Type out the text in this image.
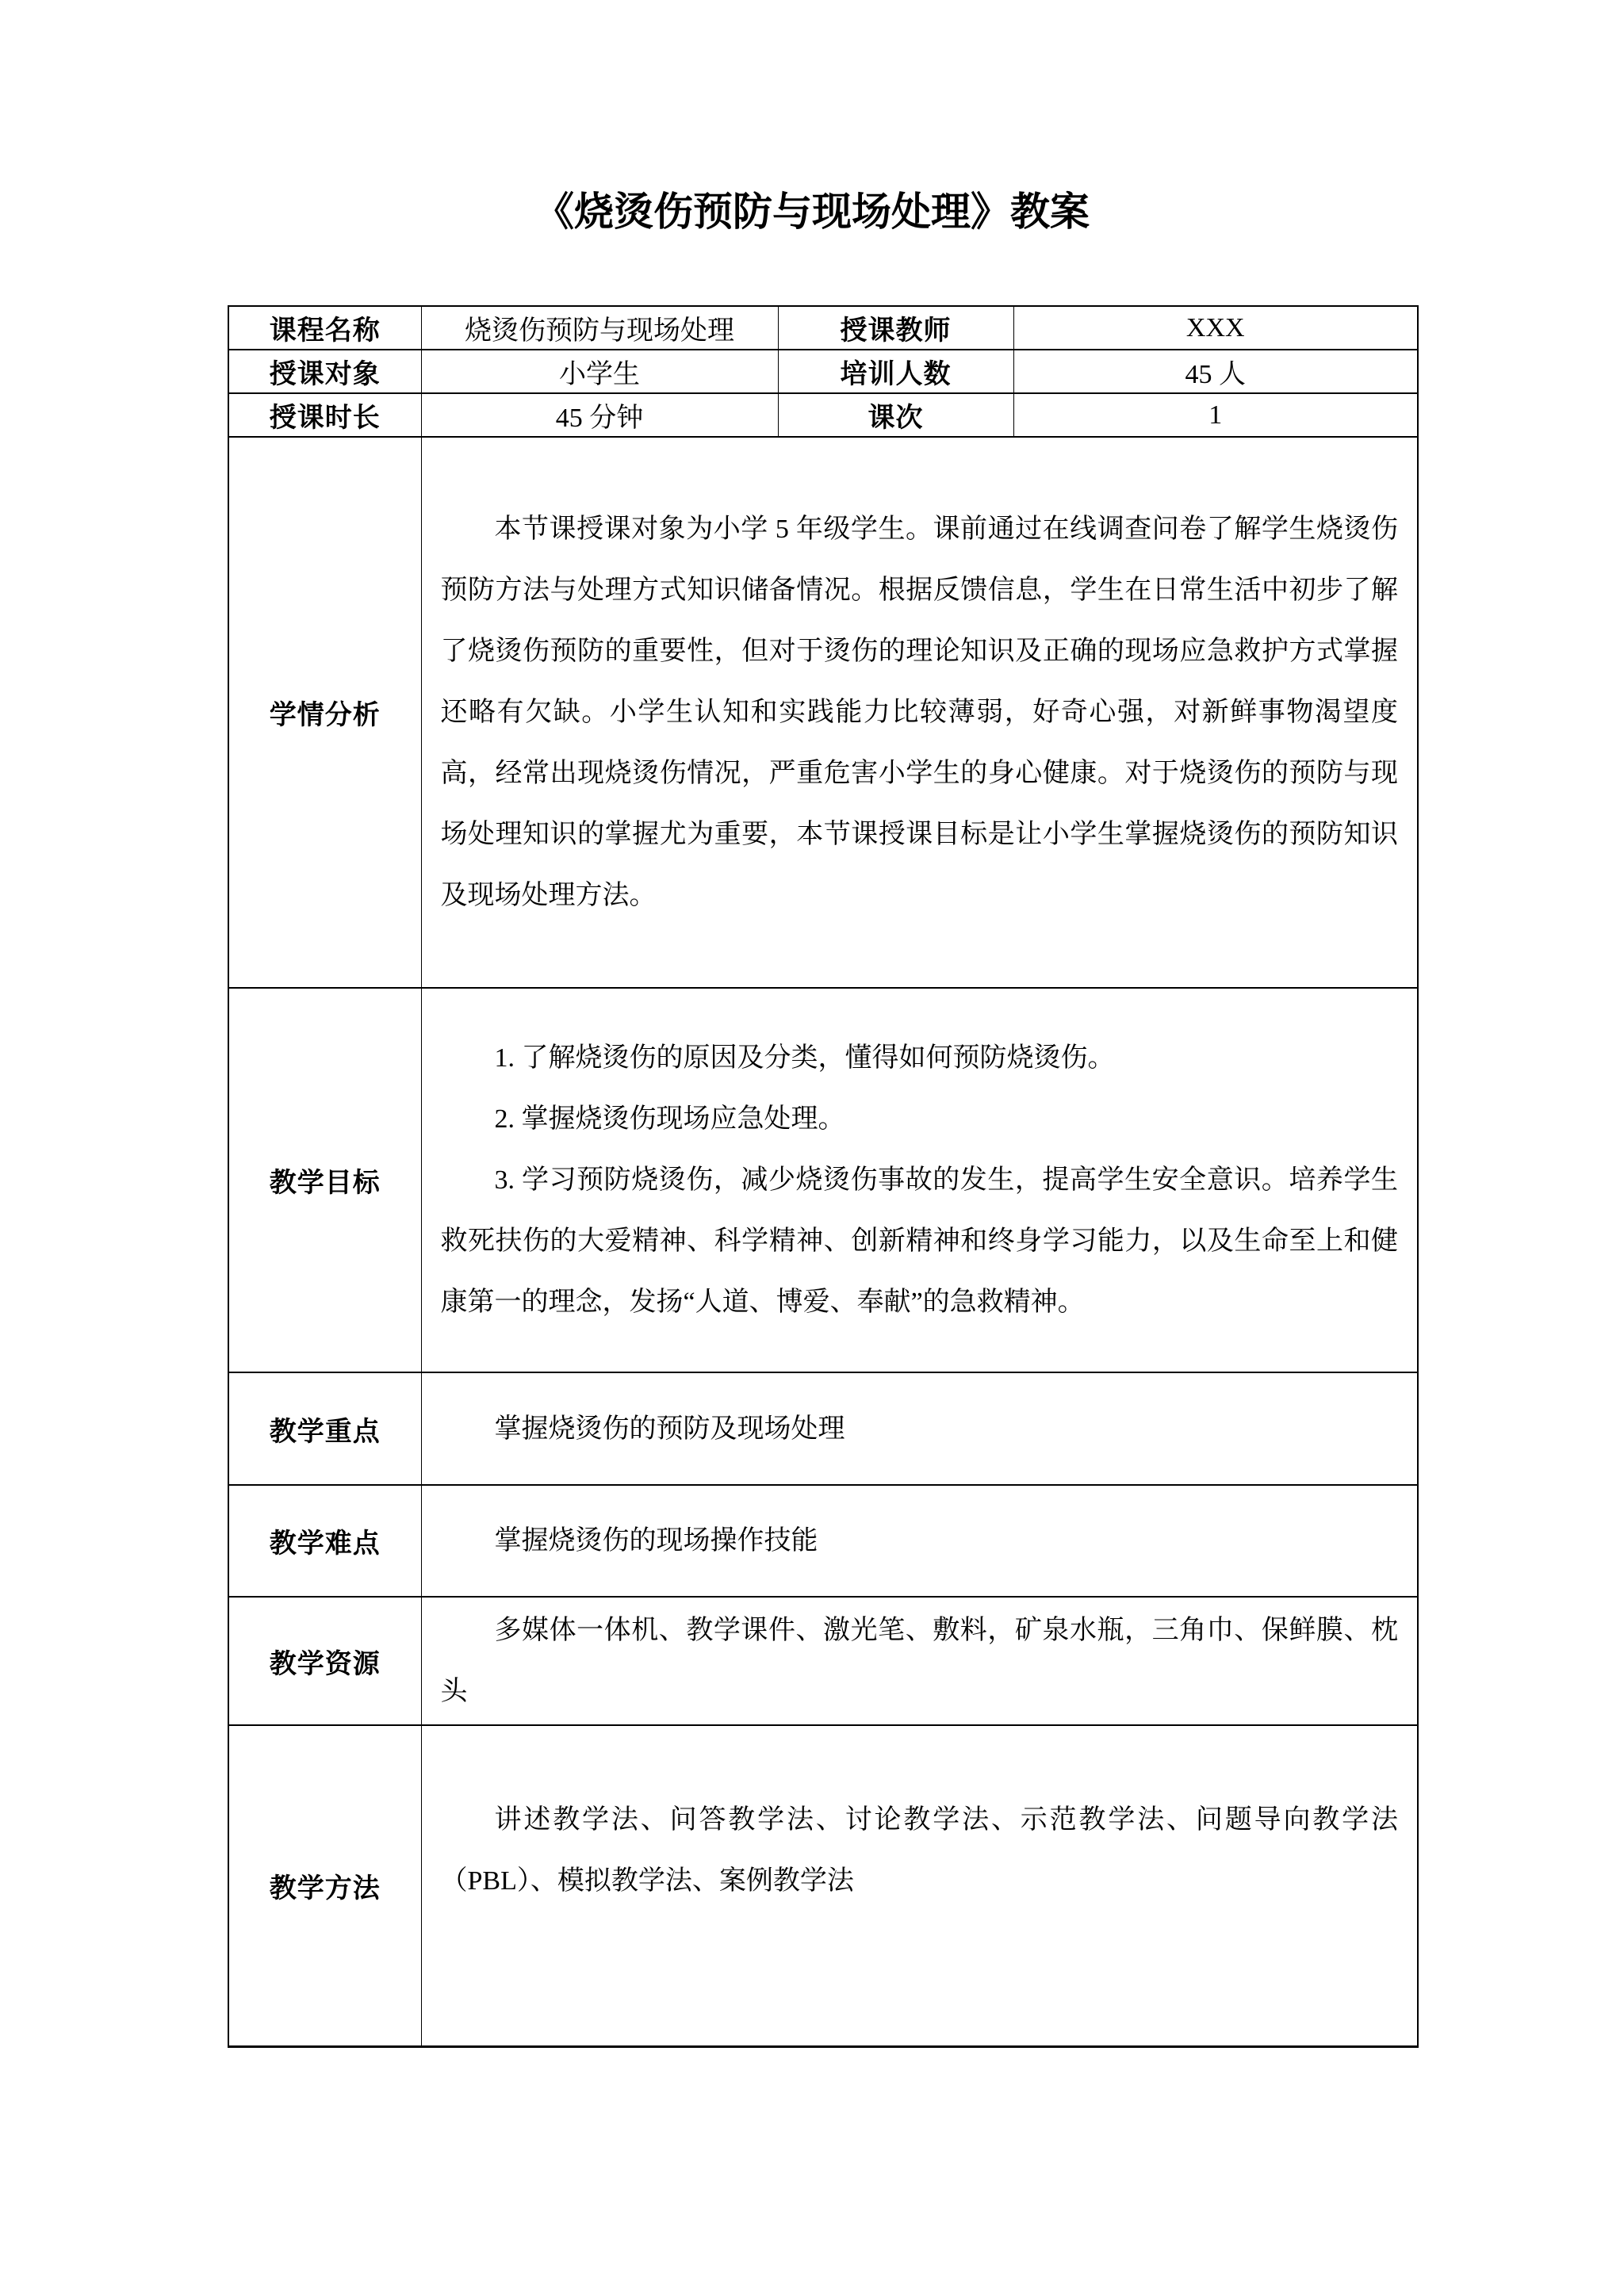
《烧烫伤预防与现场处理》教案
课程名称	烧烫伤预防与现场处理	授课教师	XXX
授课对象	小学生	培训人数	45 人
授课时长	45 分钟	课次	1
学情分析	本节课授课对象为小学 5 年级学生。课前通过在线调查问卷了解学生烧烫伤预防方法与处理方式知识储备情况。根据反馈信息，学生在日常生活中初步了解了烧烫伤预防的重要性，但对于烫伤的理论知识及正确的现场应急救护方式掌握还略有欠缺。小学生认知和实践能力比较薄弱，好奇心强，对新鲜事物渴望度高，经常出现烧烫伤情况，严重危害小学生的身心健康。对于烧烫伤的预防与现场处理知识的掌握尤为重要，本节课授课目标是让小学生掌握烧烫伤的预防知识及现场处理方法。		

教学目标	1. 了解烧烫伤的原因及分类，懂得如何预防烧烫伤。

2. 掌握烧烫伤现场应急处理。

3. 学习预防烧烫伤，减少烧烫伤事故的发生，提高学生安全意识。培养学生救死扶伤的大爱精神、科学精神、创新精神和终身学习能力，以及生命至上和健康第一的理念，发扬“人道、博爱、奉献”的急救精神。		

教学重点	掌握烧烫伤的预防及现场处理		

教学难点	掌握烧烫伤的现场操作技能		

教学资源	多媒体一体机、教学课件、激光笔、敷料，矿泉水瓶，三角巾、保鲜膜、枕头		

教学方法	讲述教学法、问答教学法、讨论教学法、示范教学法、问题导向教学法（PBL）、模拟教学法、案例教学法		
